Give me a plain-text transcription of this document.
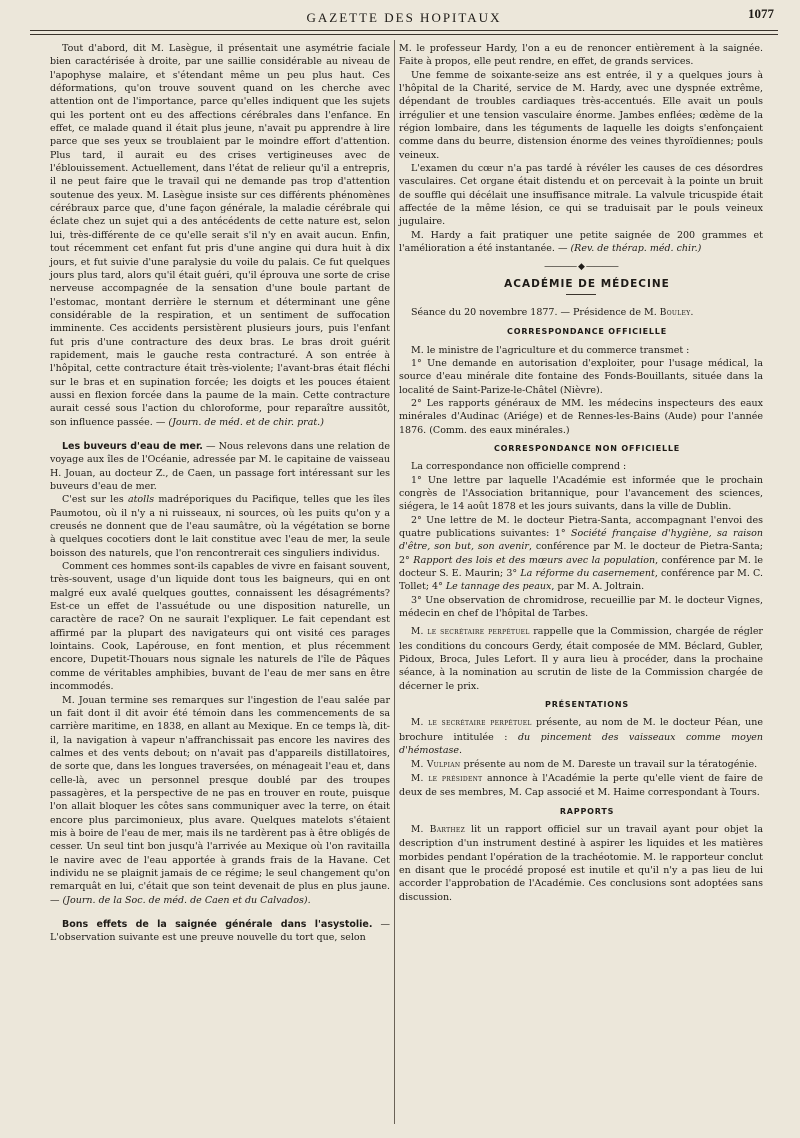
GAZETTE DES HOPITAUX	1077

Tout d'abord, dit M. Lasègue, il présentait une asymétrie faciale bien caractérisée à droite, par une saillie considérable au niveau de l'apophyse malaire, et s'étendant même un peu plus haut. Ces déformations, qu'on trouve souvent quand on les cherche avec attention ont de l'importance, parce qu'elles indiquent que les sujets qui les portent ont eu des affections cérébrales dans l'enfance. En effet, ce malade quand il était plus jeune, n'avait pu apprendre à lire parce que ses yeux se troublaient par le moindre effort d'attention. Plus tard, il aurait eu des crises vertigineuses avec de l'éblouissement. Actuellement, dans l'état de relieur qu'il a entrepris, il ne peut faire que le travail qui ne demande pas trop d'attention soutenue des yeux. M. Lasègue insiste sur ces différents phénomènes cérébraux parce que, d'une façon générale, la maladie cérébrale qui éclate chez un sujet qui a des antécédents de cette nature est, selon lui, très-différente de ce qu'elle serait s'il n'y en avait aucun. Enfin, tout récemment cet enfant fut pris d'une angine qui dura huit à dix jours, et fut suivie d'une paralysie du voile du palais. Ce fut quelques jours plus tard, alors qu'il était guéri, qu'il éprouva une sorte de crise nerveuse accompagnée de la sensation d'une boule partant de l'estomac, montant derrière le sternum et déterminant une gêne considérable de la respiration, et un sentiment de suffocation imminente. Ces accidents persistèrent plusieurs jours, puis l'enfant fut pris d'une contracture des deux bras. Le bras droit guérit rapidement, mais le gauche resta contracturé. A son entrée à l'hôpital, cette contracture était très-violente; l'avant-bras était fléchi sur le bras et en supination forcée; les doigts et les pouces étaient aussi en flexion forcée dans la paume de la main. Cette contracture aurait cessé sous l'action du chloroforme, pour reparaître aussitôt, son influence passée. — (Journ. de méd. et de chir. prat.)

Les buveurs d'eau de mer. — Nous relevons dans une relation de voyage aux îles de l'Océanie, adressée par M. le capitaine de vaisseau H. Jouan, au docteur Z., de Caen, un passage fort intéressant sur les buveurs d'eau de mer.

C'est sur les atolls madréporiques du Pacifique, telles que les îles Paumotou, où il n'y a ni ruisseaux, ni sources, où les puits qu'on y a creusés ne donnent que de l'eau saumâtre, où la végétation se borne à quelques cocotiers dont le lait constitue avec l'eau de mer, la seule boisson des naturels, que l'on rencontrerait ces singuliers individus.

Comment ces hommes sont-ils capables de vivre en faisant souvent, très-souvent, usage d'un liquide dont tous les baigneurs, qui en ont malgré eux avalé quelques gouttes, connaissent les désagréments? Est-ce un effet de l'assuétude ou une disposition naturelle, un caractère de race? On ne saurait l'expliquer. Le fait cependant est affirmé par la plupart des navigateurs qui ont visité ces parages lointains. Cook, Lapérouse, en font mention, et plus récemment encore, Dupetit-Thouars nous signale les naturels de l'île de Pâques comme de véritables amphibies, buvant de l'eau de mer sans en être incommodés.

M. Jouan termine ses remarques sur l'ingestion de l'eau salée par un fait dont il dit avoir été témoin dans les commencements de sa carrière maritime, en 1838, en allant au Mexique. En ce temps là, dit-il, la navigation à vapeur n'affranchissait pas encore les navires des calmes et des vents debout; on n'avait pas d'appareils distillatoires, de sorte que, dans les longues traversées, on ménageait l'eau et, dans celle-là, avec un personnel presque doublé par des troupes passagères, et la perspective de ne pas en trouver en route, puisque l'on allait bloquer les côtes sans communiquer avec la terre, on était encore plus parcimonieux, plus avare. Quelques matelots s'étaient mis à boire de l'eau de mer, mais ils ne tardèrent pas à être obligés de cesser. Un seul tint bon jusqu'à l'arrivée au Mexique où l'on ravitailla le navire avec de l'eau apportée à grands frais de la Havane. Cet individu ne se plaignit jamais de ce régime; le seul changement qu'on remarquât en lui, c'était que son teint devenait de plus en plus jaune. — (Journ. de la Soc. de méd. de Caen et du Calvados).

Bons effets de la saignée générale dans l'asystolie. — L'observation suivante est une preuve nouvelle du tort que, selon

M. le professeur Hardy, l'on a eu de renoncer entièrement à la saignée. Faite à propos, elle peut rendre, en effet, de grands services.

Une femme de soixante-seize ans est entrée, il y a quelques jours à l'hôpital de la Charité, service de M. Hardy, avec une dyspnée extrême, dépendant de troubles cardiaques très-accentués. Elle avait un pouls irrégulier et une tension vasculaire énorme. Jambes enflées; œdème de la région lombaire, dans les téguments de laquelle les doigts s'enfonçaient comme dans du beurre, distension énorme des veines thyroïdiennes; pouls veineux.

L'examen du cœur n'a pas tardé à révéler les causes de ces désordres vasculaires. Cet organe était distendu et on percevait à la pointe un bruit de souffle qui décélait une insuffisance mitrale. La valvule tricuspide était affectée de la même lésion, ce qui se traduisait par le pouls veineux jugulaire.

M. Hardy a fait pratiquer une petite saignée de 200 grammes et l'amélioration a été instantanée. — (Rev. de thérap. méd. chir.)

———— ◆ ————

ACADÉMIE DE MÉDECINE

Séance du 20 novembre 1877. — Présidence de M. Bouley.

CORRESPONDANCE OFFICIELLE

M. le ministre de l'agriculture et du commerce transmet :

1° Une demande en autorisation d'exploiter, pour l'usage médical, la source d'eau minérale dite fontaine des Fonds-Bouillants, située dans la localité de Saint-Parize-le-Châtel (Nièvre).

2° Les rapports généraux de MM. les médecins inspecteurs des eaux minérales d'Audinac (Ariége) et de Rennes-les-Bains (Aude) pour l'année 1876. (Comm. des eaux minérales.)

CORRESPONDANCE NON OFFICIELLE

La correspondance non officielle comprend :

1° Une lettre par laquelle l'Académie est informée que le prochain congrès de l'Association britannique, pour l'avancement des sciences, siégera, le 14 août 1878 et les jours suivants, dans la ville de Dublin.

2° Une lettre de M. le docteur Pietra-Santa, accompagnant l'envoi des quatre publications suivantes: 1° Société française d'hygiène, sa raison d'être, son but, son avenir, conférence par M. le docteur de Pietra-Santa; 2° Rapport des lois et des mœurs avec la population, conférence par M. le docteur S. E. Maurin; 3° La réforme du casernement, conférence par M. C. Tollet; 4° Le tannage des peaux, par M. A. Joltrain.

3° Une observation de chromidrose, recueillie par M. le docteur Vignes, médecin en chef de l'hôpital de Tarbes.

M. le secrétaire perpétuel rappelle que la Commission, chargée de régler les conditions du concours Gerdy, était composée de MM. Béclard, Gubler, Pidoux, Broca, Jules Lefort. Il y aura lieu à procéder, dans la prochaine séance, à la nomination au scrutin de liste de la Commission chargée de décerner le prix.

PRÉSENTATIONS

M. le secrétaire perpétuel présente, au nom de M. le docteur Péan, une brochure intitulée : du pincement des vaisseaux comme moyen d'hémostase.

M. Vulpian présente au nom de M. Dareste un travail sur la tératogénie.

M. le président annonce à l'Académie la perte qu'elle vient de faire de deux de ses membres, M. Cap associé et M. Haime correspondant à Tours.

RAPPORTS

M. Barthez lit un rapport officiel sur un travail ayant pour objet la description d'un instrument destiné à aspirer les liquides et les matières morbides pendant l'opération de la trachéotomie. M. le rapporteur conclut en disant que le procédé proposé est inutile et qu'il n'y a pas lieu de lui accorder l'approbation de l'Académie. Ces conclusions sont adoptées sans discussion.
